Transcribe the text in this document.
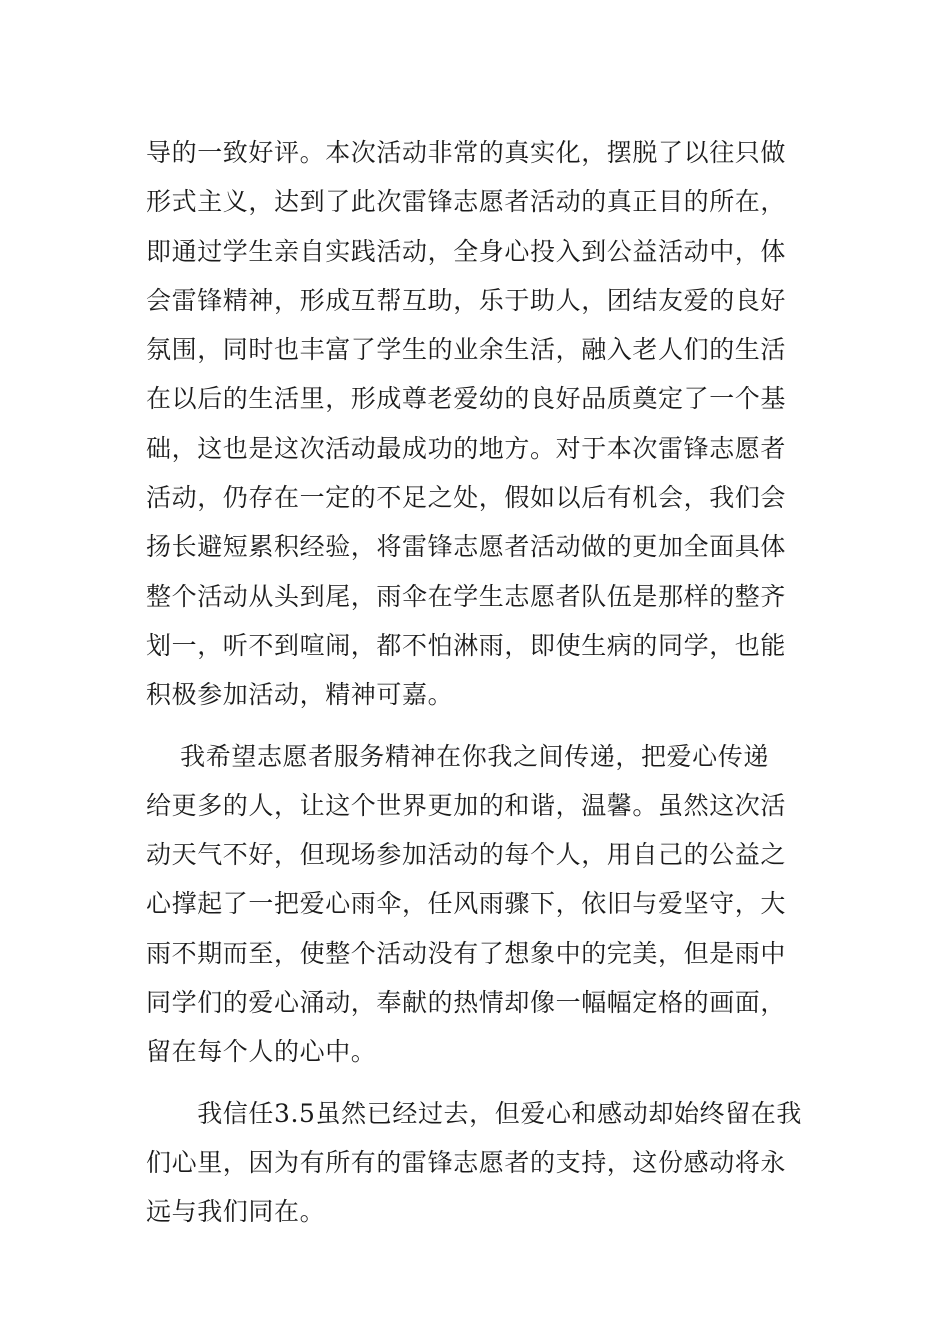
导的一致好评。本次活动非常的真实化，摆脱了以往只做
形式主义，达到了此次雷锋志愿者活动的真正目的所在，
即通过学生亲自实践活动，全身心投入到公益活动中，体
会雷锋精神，形成互帮互助，乐于助人，团结友爱的良好
氛围，同时也丰富了学生的业余生活，融入老人们的生活
在以后的生活里，形成尊老爱幼的良好品质奠定了一个基
础，这也是这次活动最成功的地方。对于本次雷锋志愿者
活动，仍存在一定的不足之处，假如以后有机会，我们会
扬长避短累积经验，将雷锋志愿者活动做的更加全面具体
整个活动从头到尾，雨伞在学生志愿者队伍是那样的整齐
划一，听不到喧闹，都不怕淋雨，即使生病的同学，也能
积极参加活动，精神可嘉。
　 我希望志愿者服务精神在你我之间传递，把爱心传递
给更多的人，让这个世界更加的和谐，温馨。虽然这次活
动天气不好，但现场参加活动的每个人，用自己的公益之
心撑起了一把爱心雨伞，任风雨骤下，依旧与爱坚守，大
雨不期而至，使整个活动没有了想象中的完美，但是雨中
同学们的爱心涌动，奉献的热情却像一幅幅定格的画面，
留在每个人的心中。
　　我信任3.5虽然已经过去，但爱心和感动却始终留在我
们心里，因为有所有的雷锋志愿者的支持，这份感动将永
远与我们同在。
